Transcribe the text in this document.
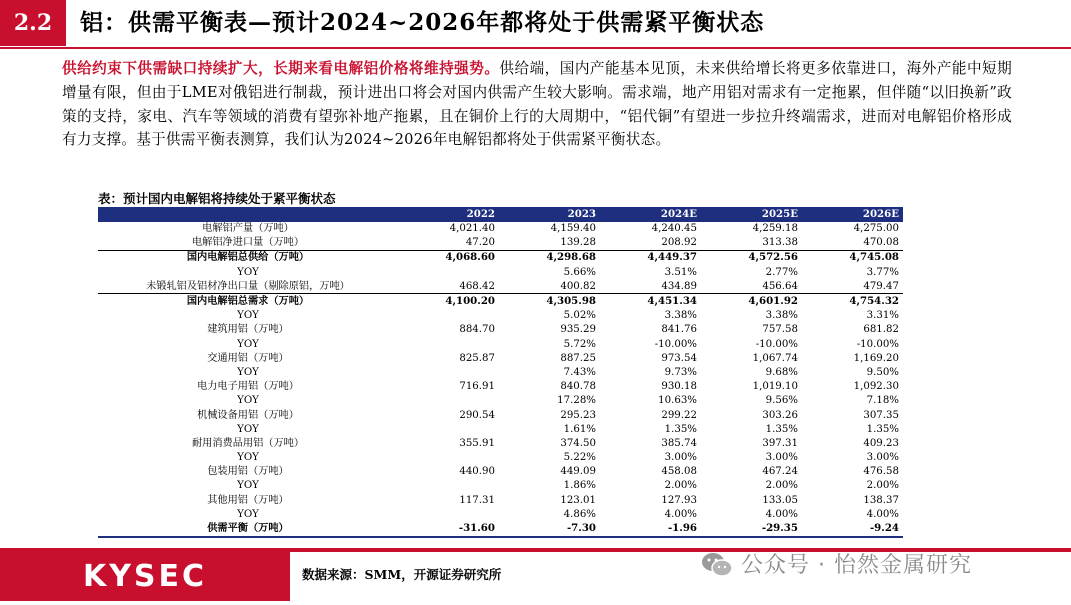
2.2	铝：供需平衡表—预计2024~2026年都将处于供需紧平衡状态
供给约束下供需缺口持续扩大，长期来看电解铝价格将维持强势。供给端，国内产能基本见顶，未来供给增长将更多依靠进口，海外产能中短期增量有限，但由于LME对俄铝进行制裁，预计进出口将会对国内供需产生较大影响。需求端，地产用铝对需求有一定拖累，但伴随“以旧换新”政策的支持，家电、汽车等领域的消费有望弥补地产拖累，且在铜价上行的大周期中，“铝代铜”有望进一步拉升终端需求，进而对电解铝价格形成有力支撑。基于供需平衡表测算，我们认为2024~2026年电解铝都将处于供需紧平衡状态。
表：预计国内电解铝将持续处于紧平衡状态
	2022	2023	2024E	2025E	2026E
电解铝产量（万吨）	4,021.40	4,159.40	4,240.45	4,259.18	4,275.00
电解铝净进口量（万吨）	47.20	139.28	208.92	313.38	470.08
国内电解铝总供给（万吨）	4,068.60	4,298.68	4,449.37	4,572.56	4,745.08
YOY		5.66%	3.51%	2.77%	3.77%
未锻轧铝及铝材净出口量（剔除原铝，万吨）	468.42	400.82	434.89	456.64	479.47
国内电解铝总需求（万吨）	4,100.20	4,305.98	4,451.34	4,601.92	4,754.32
YOY		5.02%	3.38%	3.38%	3.31%
建筑用铝（万吨）	884.70	935.29	841.76	757.58	681.82
YOY		5.72%	-10.00%	-10.00%	-10.00%
交通用铝（万吨）	825.87	887.25	973.54	1,067.74	1,169.20
YOY		7.43%	9.73%	9.68%	9.50%
电力电子用铝（万吨）	716.91	840.78	930.18	1,019.10	1,092.30
YOY		17.28%	10.63%	9.56%	7.18%
机械设备用铝（万吨）	290.54	295.23	299.22	303.26	307.35
YOY		1.61%	1.35%	1.35%	1.35%
耐用消费品用铝（万吨）	355.91	374.50	385.74	397.31	409.23
YOY		5.22%	3.00%	3.00%	3.00%
包装用铝（万吨）	440.90	449.09	458.08	467.24	476.58
YOY		1.86%	2.00%	2.00%	2.00%
其他用铝（万吨）	117.31	123.01	127.93	133.05	138.37
YOY		4.86%	4.00%	4.00%	4.00%
供需平衡（万吨）	-31.60	-7.30	-1.96	-29.35	-9.24
KYSEC	数据来源：SMM，开源证券研究所	公众号 · 怡然金属研究
